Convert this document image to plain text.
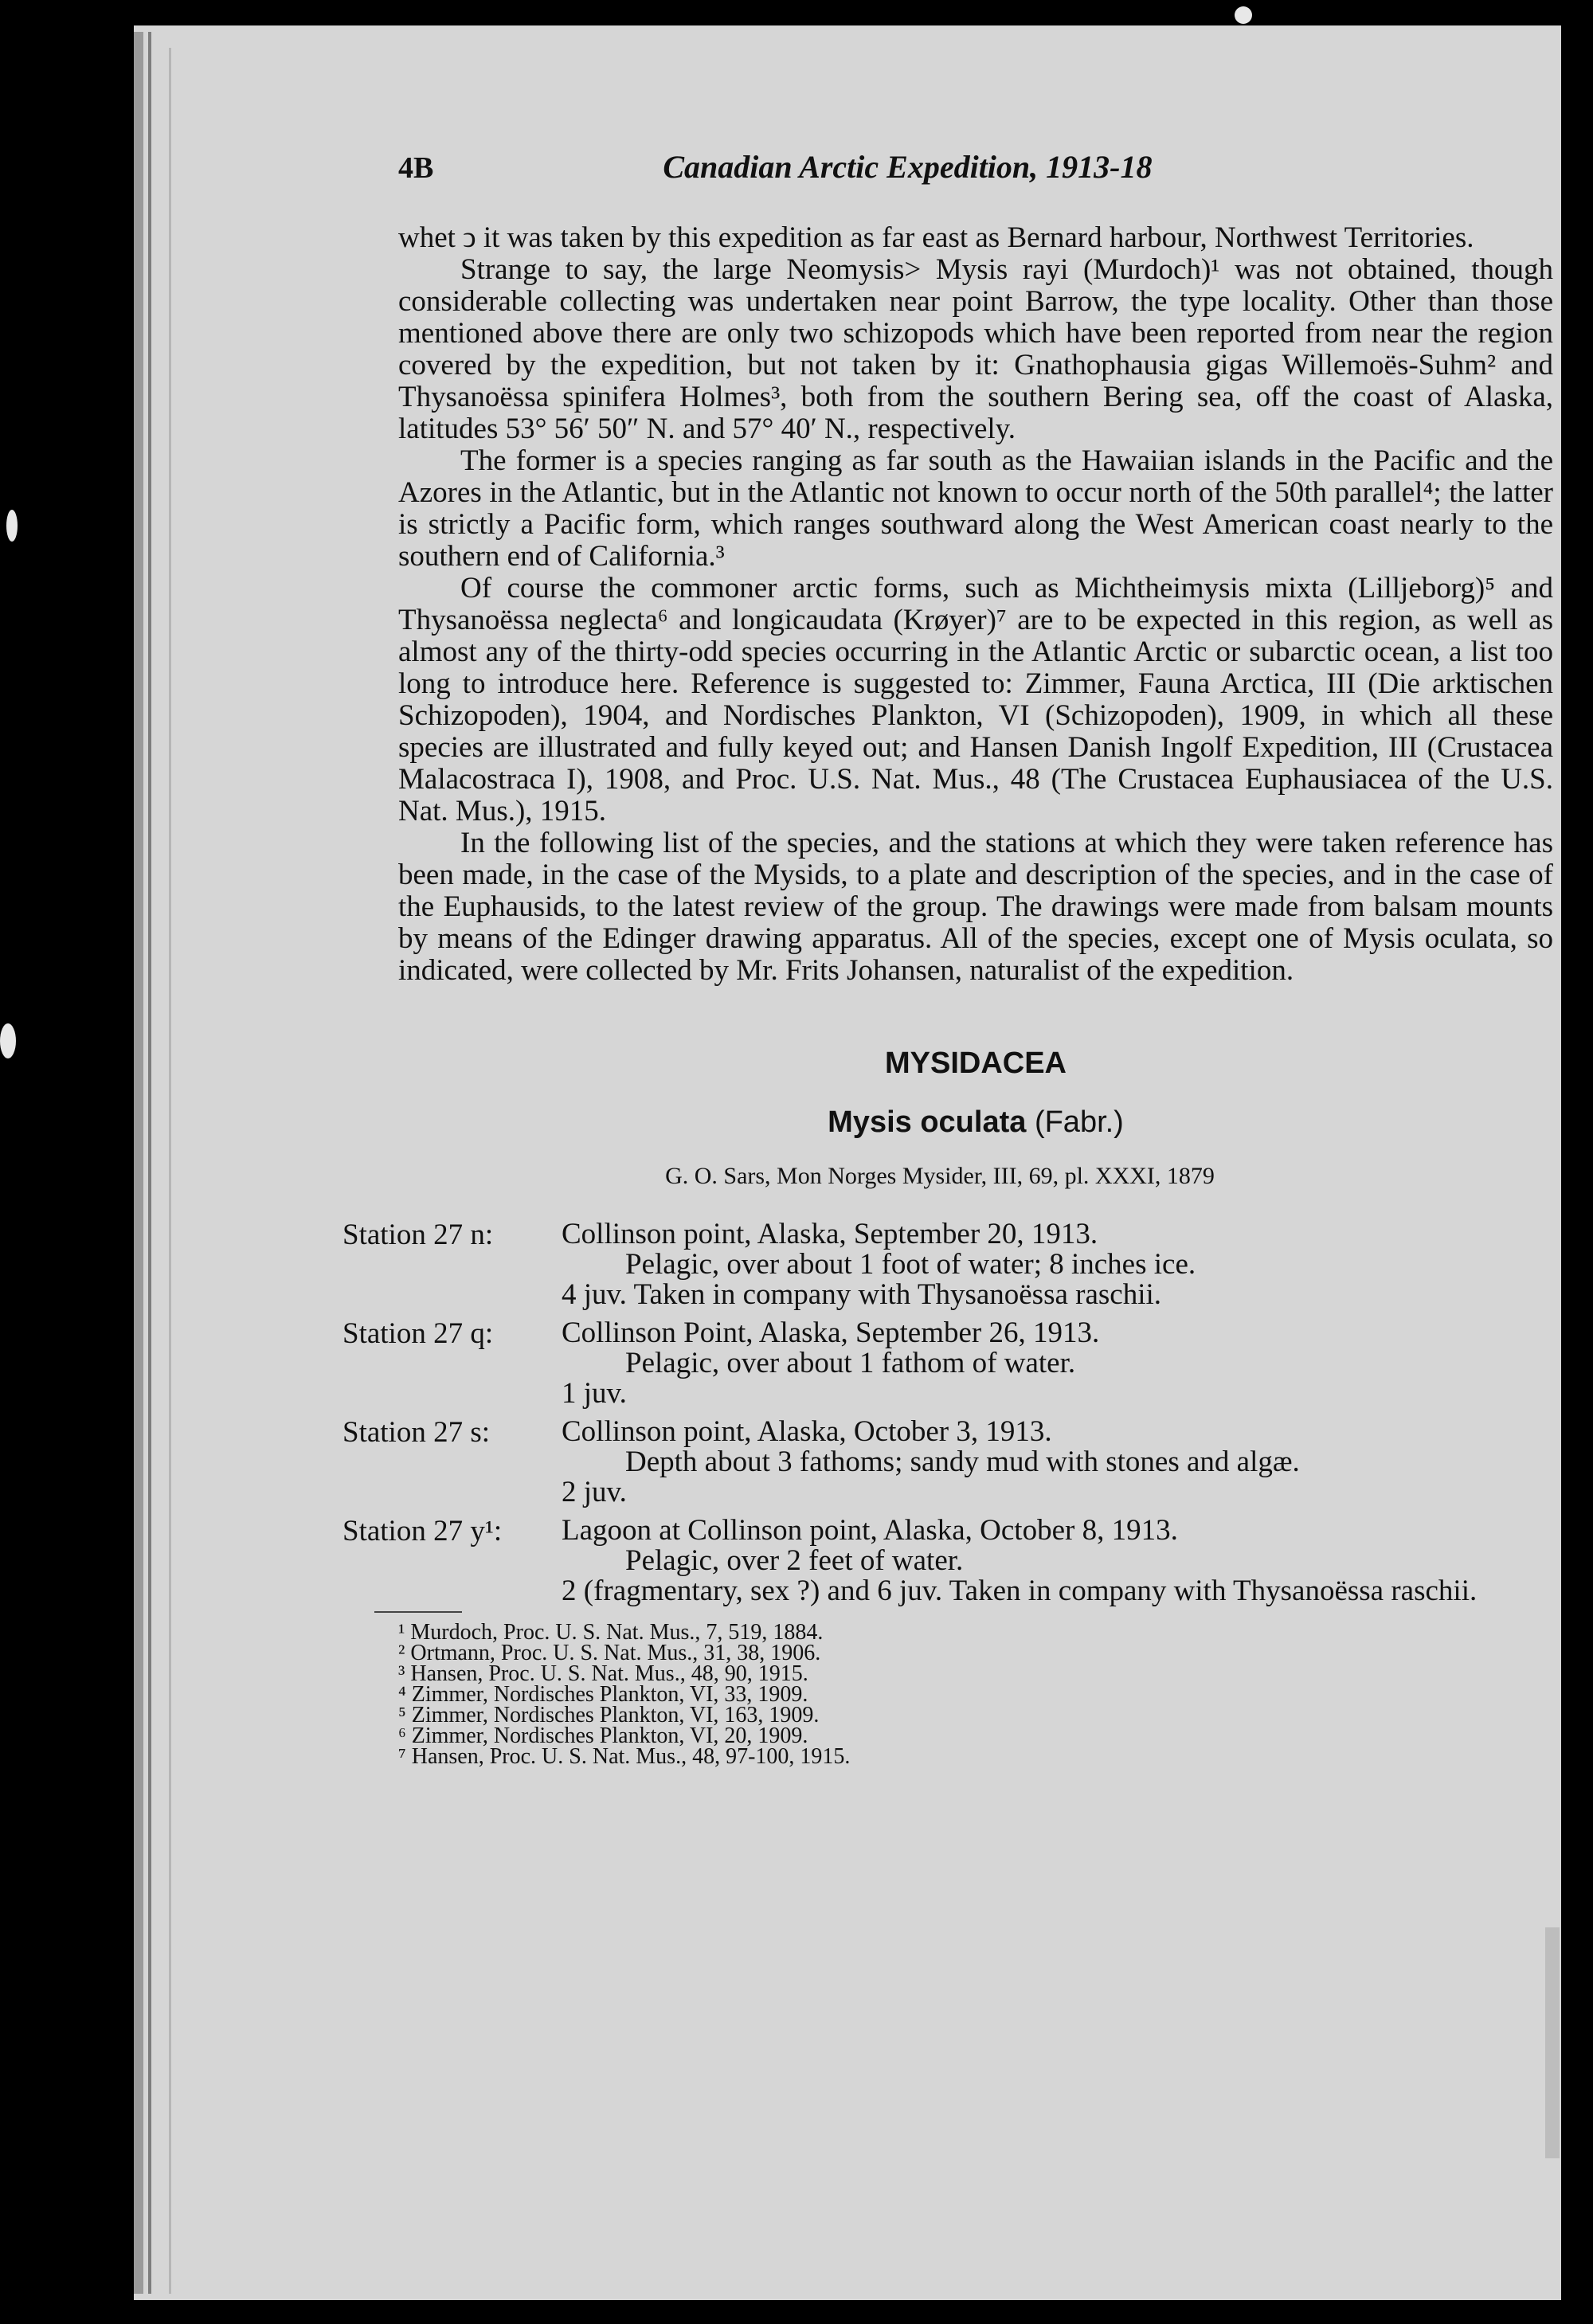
4B	Canadian Arctic Expedition, 1913-18

whet ↄ it was taken by this expedition as far east as Bernard harbour, Northwest Territories.

Strange to say, the large Neomysis> Mysis rayi (Murdoch)¹ was not obtained, though considerable collecting was undertaken near point Barrow, the type locality. Other than those mentioned above there are only two schizopods which have been reported from near the region covered by the expedition, but not taken by it: Gnathophausia gigas Willemoës-Suhm² and Thysanoëssa spinifera Holmes³, both from the southern Bering sea, off the coast of Alaska, latitudes 53° 56′ 50″ N. and 57° 40′ N., respectively.

The former is a species ranging as far south as the Hawaiian islands in the Pacific and the Azores in the Atlantic, but in the Atlantic not known to occur north of the 50th parallel⁴; the latter is strictly a Pacific form, which ranges southward along the West American coast nearly to the southern end of California.³

Of course the commoner arctic forms, such as Michtheimysis mixta (Lilljeborg)⁵ and Thysanoëssa neglecta⁶ and longicaudata (Krøyer)⁷ are to be expected in this region, as well as almost any of the thirty-odd species occurring in the Atlantic Arctic or subarctic ocean, a list too long to introduce here. Reference is suggested to: Zimmer, Fauna Arctica, III (Die arktischen Schizopoden), 1904, and Nordisches Plankton, VI (Schizopoden), 1909, in which all these species are illustrated and fully keyed out; and Hansen Danish Ingolf Expedition, III (Crustacea Malacostraca I), 1908, and Proc. U.S. Nat. Mus., 48 (The Crustacea Euphausiacea of the U.S. Nat. Mus.), 1915.

In the following list of the species, and the stations at which they were taken reference has been made, in the case of the Mysids, to a plate and description of the species, and in the case of the Euphausids, to the latest review of the group. The drawings were made from balsam mounts by means of the Edinger drawing apparatus. All of the species, except one of Mysis oculata, so indicated, were collected by Mr. Frits Johansen, naturalist of the expedition.

MYSIDACEA
Mysis oculata (Fabr.)
G. O. Sars, Mon Norges Mysider, III, 69, pl. XXXI, 1879
Station 27 n:	Collinson point, Alaska, September 20, 1913.
Pelagic, over about 1 foot of water; 8 inches ice.
4 juv. Taken in company with Thysanoëssa raschii.
Station 27 q:	Collinson Point, Alaska, September 26, 1913.
Pelagic, over about 1 fathom of water.
1 juv.
Station 27 s:	Collinson point, Alaska, October 3, 1913.
Depth about 3 fathoms; sandy mud with stones and algæ.
2 juv.
Station 27 y¹:	Lagoon at Collinson point, Alaska, October 8, 1913.
Pelagic, over 2 feet of water.
2 (fragmentary, sex ?) and 6 juv. Taken in company with Thysanoëssa raschii.
¹ Murdoch, Proc. U. S. Nat. Mus., 7, 519, 1884.
² Ortmann, Proc. U. S. Nat. Mus., 31, 38, 1906.
³ Hansen, Proc. U. S. Nat. Mus., 48, 90, 1915.
⁴ Zimmer, Nordisches Plankton, VI, 33, 1909.
⁵ Zimmer, Nordisches Plankton, VI, 163, 1909.
⁶ Zimmer, Nordisches Plankton, VI, 20, 1909.
⁷ Hansen, Proc. U. S. Nat. Mus., 48, 97-100, 1915.
